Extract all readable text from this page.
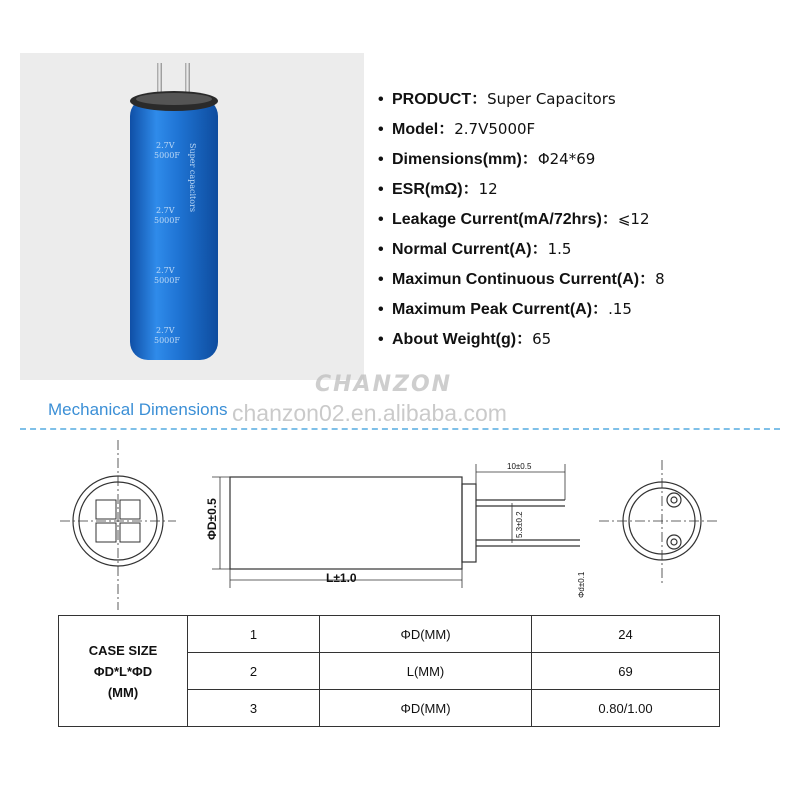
2.7V
5000F
2.7V
5000F
2.7V
5000F
2.7V
5000F
Super capacitors
• PRODUCT：Super Capacitors
• Model：2.7V5000F
• Dimensions(mm)：Φ24*69
• ESR(mΩ)：12
• Leakage Current(mA/72hrs)：⩽12
• Normal Current(A)：1.5
• Maximun Continuous Current(A)：8
• Maximum Peak Current(A)：.15
• About Weight(g)：65
CHANZON
Mechanical Dimensions chanzon02.en.alibaba.com
ΦD±0.5
L±1.0
10±0.5
5.3±0.2
Φd±0.1
CASE SIZE
ΦD*L*ΦD
(MM)	1	ΦD(MM)	24
	2	L(MM)	69
	3	ΦD(MM)	0.80/1.00
